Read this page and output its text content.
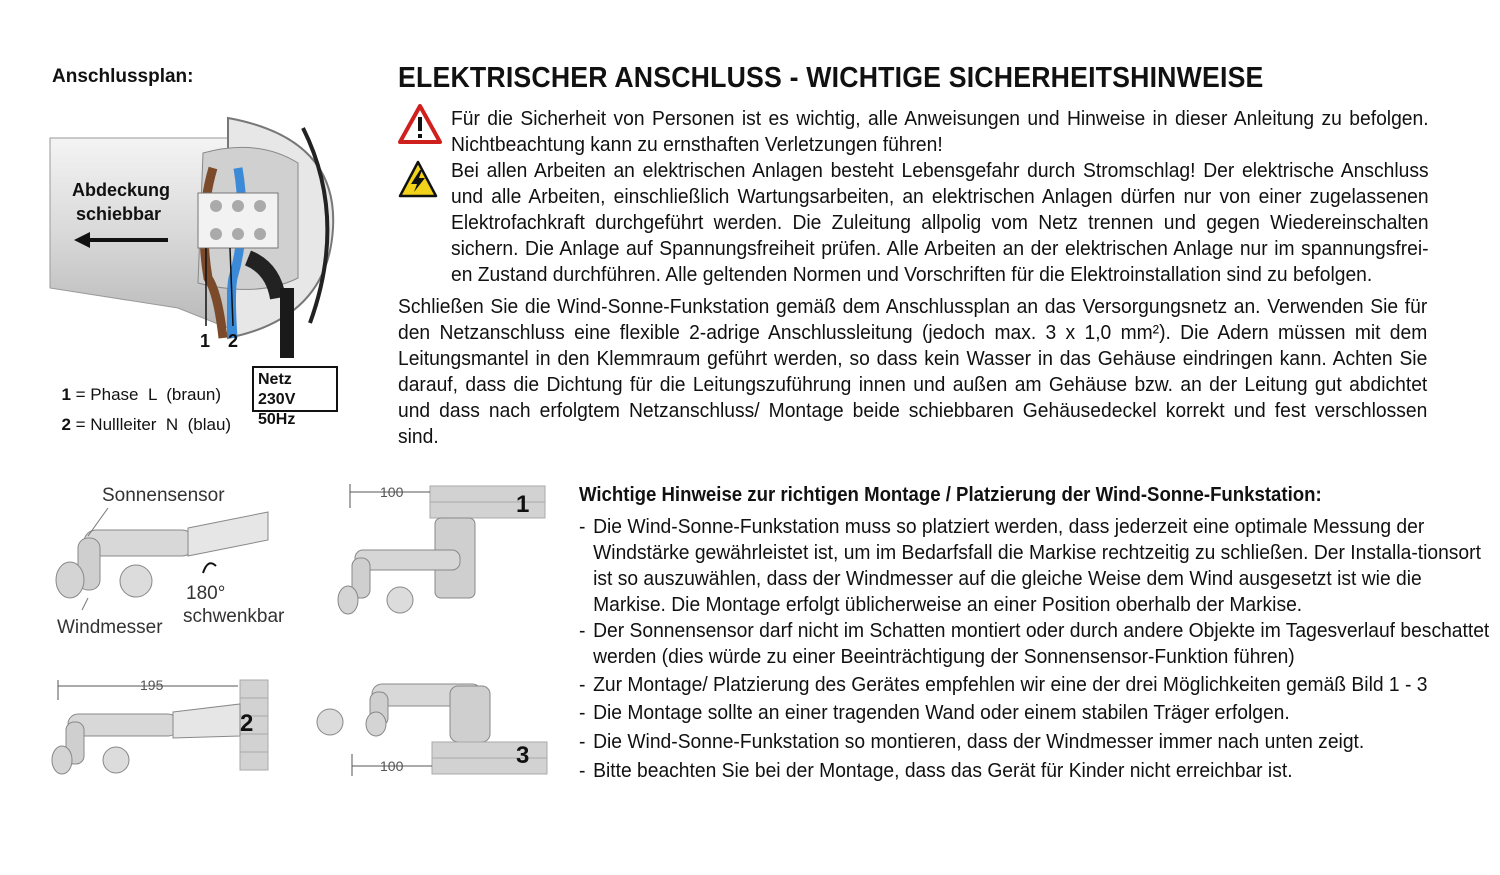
Anschlussplan:
Abdeckung
schiebbar
1 2

1 = Phase  L  (braun)

2 = Nullleiter  N  (blau)

Netz
230V 50Hz
ELEKTRISCHER ANSCHLUSS - WICHTIGE SICHERHEITSHINWEISE
Für die Sicherheit von Personen ist es wichtig, alle Anweisungen und Hinweise in dieser Anleitung zu befolgen. Nichtbeachtung kann zu ernsthaften Verletzungen führen!
Bei allen Arbeiten an elektrischen Anlagen besteht Lebensgefahr durch Stromschlag! Der elektrische Anschluss und alle Arbeiten, einschließlich Wartungsarbeiten, an elektrischen Anlagen dürfen nur von einer zugelassenen Elektrofachkraft durchgeführt werden. Die Zuleitung allpolig vom Netz trennen und gegen Wiedereinschalten sichern. Die Anlage auf Spannungsfreiheit prüfen. Alle Arbeiten an der elektrischen Anlage nur im spannungsfrei-en Zustand durchführen. Alle geltenden Normen und Vorschriften für die Elektroinstallation sind zu befolgen.
Schließen Sie die Wind-Sonne-Funkstation gemäß dem Anschlussplan an das Versorgungsnetz an. Verwenden Sie für den Netzanschluss eine flexible 2-adrige Anschlussleitung (jedoch max. 3 x 1,0 mm²). Die Adern müssen mit dem Leitungsmantel in den Klemmraum geführt werden, so dass kein Wasser in das Gehäuse eindringen kann. Achten Sie darauf, dass die Dichtung für die Leitungszuführung innen und außen am Gehäuse bzw. an der Leitung gut abdichtet und dass nach erfolgtem Netzanschluss/ Montage beide schiebbaren Gehäusedeckel korrekt und fest verschlossen sind.
Sonnensensor
180°
schwenkbar
Windmesser
100	1
195
2
100	3
Wichtige Hinweise zur richtigen Montage / Platzierung der Wind-Sonne-Funkstation:
- Die Wind-Sonne-Funkstation muss so platziert werden, dass jederzeit eine optimale Messung der Windstärke gewährleistet ist, um im Bedarfsfall die Markise rechtzeitig zu schließen. Der Installa-tionsort ist so auszuwählen, dass der Windmesser auf die gleiche Weise dem Wind ausgesetzt ist wie die Markise. Die Montage erfolgt üblicherweise an einer Position oberhalb der Markise.
- Der Sonnensensor darf nicht im Schatten montiert oder durch andere Objekte im Tagesverlauf beschattet werden (dies würde zu einer Beeinträchtigung der Sonnensensor-Funktion führen)
- Zur Montage/ Platzierung des Gerätes empfehlen wir eine der drei Möglichkeiten gemäß Bild 1 - 3
- Die Montage sollte an einer tragenden Wand oder einem stabilen Träger erfolgen.
- Die Wind-Sonne-Funkstation so montieren, dass der Windmesser immer nach unten zeigt.
- Bitte beachten Sie bei der Montage, dass das Gerät für Kinder nicht erreichbar ist.
